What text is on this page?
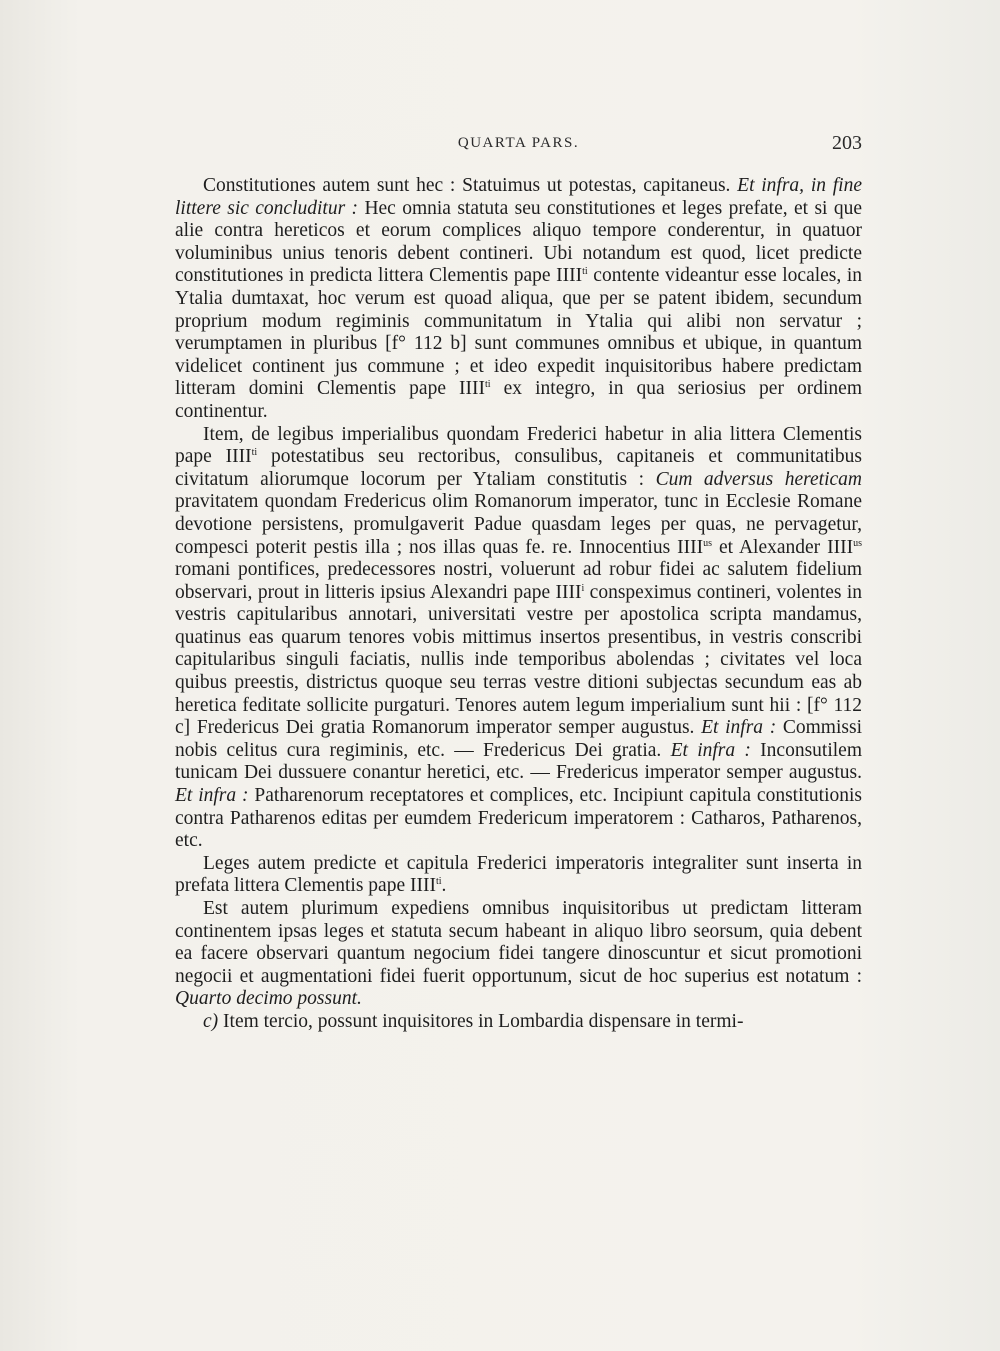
QUARTA PARS.	203

Constitutiones autem sunt hec : Statuimus ut potestas, capitaneus. Et infra, in fine littere sic concluditur : Hec omnia statuta seu constitutiones et leges prefate, et si que alie contra hereticos et eorum complices aliquo tempore conderentur, in quatuor voluminibus unius tenoris debent contineri. Ubi notandum est quod, licet predicte constitutiones in predicta littera Clementis pape $IIII^{ti}$ contente videantur esse locales, in Ytalia dumtaxat, hoc verum est quoad aliqua, que per se patent ibidem, secundum proprium modum regiminis communitatum in Ytalia qui alibi non servatur ; verumptamen in pluribus [f° 112 b] sunt communes omnibus et ubique, in quantum videlicet continent jus commune ; et ideo expedit inquisitoribus habere predictam litteram domini Clementis pape $IIII^{ti}$ ex integro, in qua seriosius per ordinem continentur.

Item, de legibus imperialibus quondam Frederici habetur in alia littera Clementis pape $IIII^{ti}$ potestatibus seu rectoribus, consulibus, capitaneis et communitatibus civitatum aliorumque locorum per Ytaliam constitutis : Cum adversus hereticam pravitatem quondam Fredericus olim Romanorum imperator, tunc in Ecclesie Romane devotione persistens, promulgaverit Padue quasdam leges per quas, ne pervagetur, compesci poterit pestis illa ; nos illas quas fe. re. Innocentius $IIII^{us}$ et Alexander $IIII^{us}$ romani pontifices, predecessores nostri, voluerunt ad robur fidei ac salutem fidelium observari, prout in litteris ipsius Alexandri pape IIII$^i$ conspeximus contineri, volentes in vestris capitularibus annotari, universitati vestre per apostolica scripta mandamus, quatinus eas quarum tenores vobis mittimus insertos presentibus, in vestris conscribi capitularibus singuli faciatis, nullis inde temporibus abolendas ; civitates vel loca quibus preestis, districtus quoque seu terras vestre ditioni subjectas secundum eas ab heretica feditate sollicite purgaturi. Tenores autem legum imperialium sunt hii : [f° 112 c] Fredericus Dei gratia Romanorum imperator semper augustus. Et infra : Commissi nobis celitus cura regiminis, etc. — Fredericus Dei gratia. Et infra : Inconsutilem tunicam Dei dussuere conantur heretici, etc. — Fredericus imperator semper augustus. Et infra : Patharenorum receptatores et complices, etc. Incipiunt capitula constitutionis contra Patharenos editas per eumdem Fredericum imperatorem : Catharos, Patharenos, etc.

Leges autem predicte et capitula Frederici imperatoris integraliter sunt inserta in prefata littera Clementis pape $IIII^{ti}$.

Est autem plurimum expediens omnibus inquisitoribus ut predictam litteram continentem ipsas leges et statuta secum habeant in aliquo libro seorsum, quia debent ea facere observari quantum negocium fidei tangere dinoscuntur et sicut promotioni negocii et augmentationi fidei fuerit opportunum, sicut de hoc superius est notatum : Quarto decimo possunt.

c) Item tercio, possunt inquisitores in Lombardia dispensare in termi-
